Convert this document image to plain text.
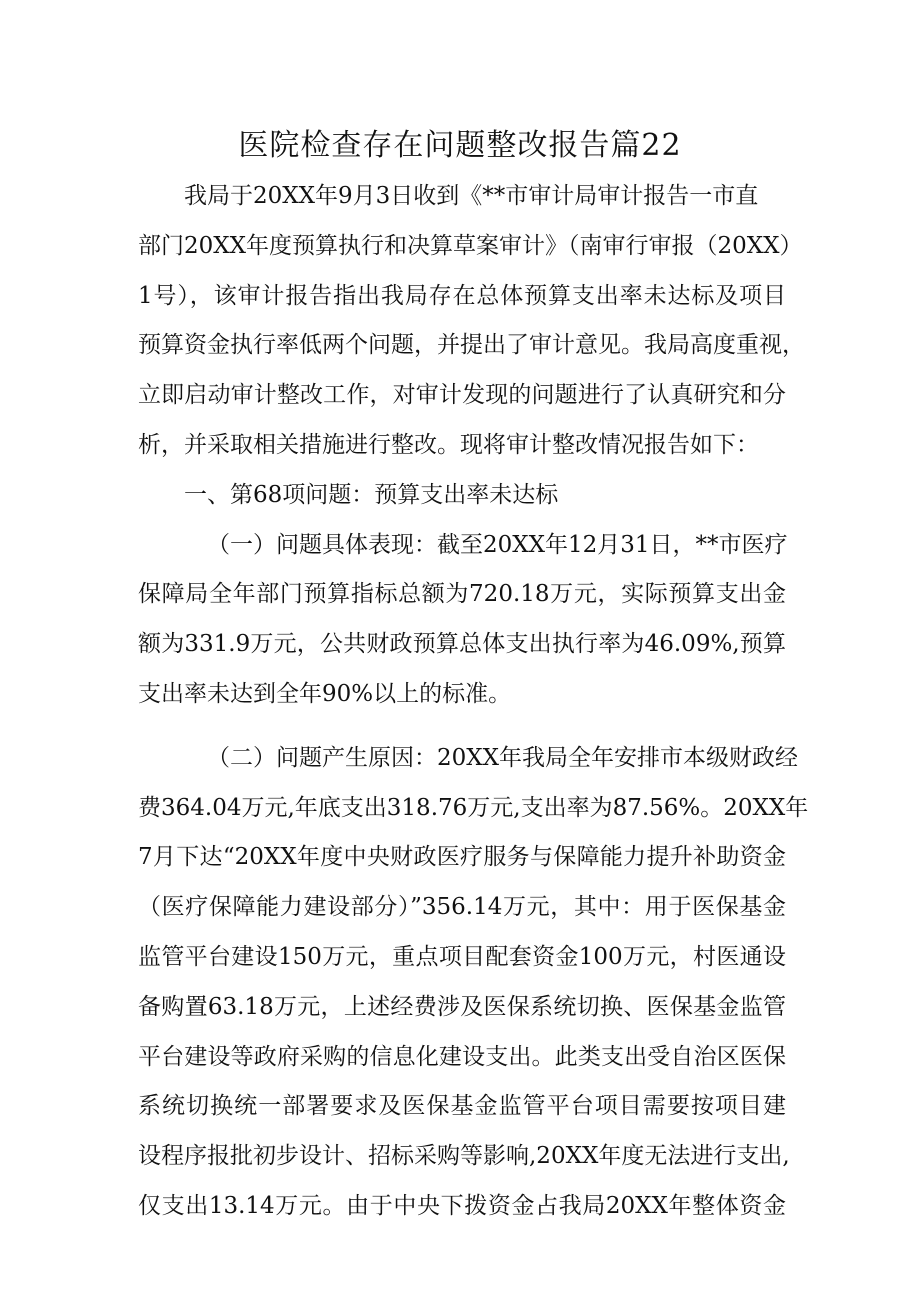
医院检查存在问题整改报告篇22
我局于20XX年9月3日收到《**市审计局审计报告一市直
部门20XX年度预算执行和决算草案审计》（南审行审报（20XX）
1号），该审计报告指出我局存在总体预算支出率未达标及项目
预算资金执行率低两个问题，并提出了审计意见。我局高度重视，
立即启动审计整改工作，对审计发现的问题进行了认真研究和分
析，并采取相关措施进行整改。现将审计整改情况报告如下：
一、第68项问题：预算支出率未达标
（一）问题具体表现：截至20XX年12月31日，**市医疗
保障局全年部门预算指标总额为720.18万元，实际预算支出金
额为331.9万元，公共财政预算总体支出执行率为46.09%,预算
支出率未达到全年90%以上的标准。
（二）问题产生原因：20XX年我局全年安排市本级财政经
费364.04万元,年底支出318.76万元,支出率为87.56%。20XX年
7月下达“20XX年度中央财政医疗服务与保障能力提升补助资金
（医疗保障能力建设部分）”356.14万元，其中：用于医保基金
监管平台建设150万元，重点项目配套资金100万元，村医通设
备购置63.18万元，上述经费涉及医保系统切换、医保基金监管
平台建设等政府采购的信息化建设支出。此类支出受自治区医保
系统切换统一部署要求及医保基金监管平台项目需要按项目建
设程序报批初步设计、招标采购等影响,20XX年度无法进行支出,
仅支出13.14万元。由于中央下拨资金占我局20XX年整体资金
